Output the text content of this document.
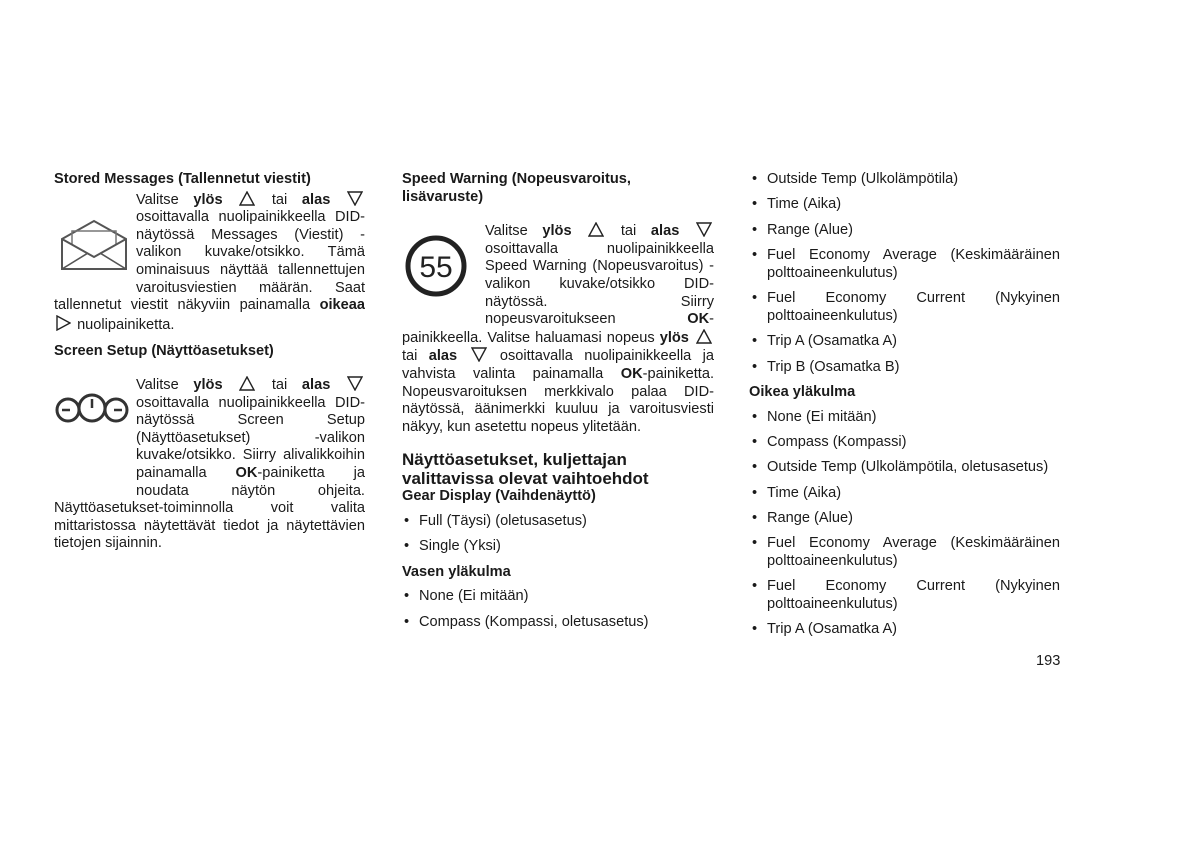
Stored Messages (Tallennetut viestit)

Valitse ylös	tai alas  osoittavalla nuolipainikkeella DID-näytössä Messages (Viestit) -valikon kuvake/otsikko. Tämä ominaisuus näyttää tallennettujen varoitusviestien määrän. Saat tallennetut viestit näkyviin painamalla oikeaa  nuolipainiketta.

Screen Setup (Näyttöasetukset)

Valitse ylös	tai alas  osoittavalla nuolipainikkeella DID-näytössä Screen Setup (Näyttöasetukset) -valikon kuvake/otsikko. Siirry alivalikkoihin painamalla OK-painiketta ja noudata näytön ohjeita. Näyttöasetukset-toiminnolla voit valita mittaristossa näytettävät tiedot ja näytettävien tietojen sijainnin.

Speed Warning (Nopeusvaroitus, lisävaruste)

55
Valitse ylös	tai alas  osoittavalla nuolipainikkeella Speed Warning (Nopeusvaroitus) -valikon kuvake/otsikko DID-näytössä. Siirry nopeusvaroitukseen	OK-painikkeella. Valitse haluamasi nopeus ylös  tai alas	osoittavalla nuolipainikkeella ja vahvista valinta painamalla OK-painiketta. Nopeusvaroituksen merkkivalo palaa DID-näytössä, äänimerkki kuuluu ja varoitusviesti näkyy, kun asetettu nopeus ylitetään.

Näyttöasetukset, kuljettajan valittavissa olevat vaihtoehdot
Gear Display (Vaihdenäyttö)
• Full (Täysi) (oletusasetus)
• Single (Yksi)
Vasen yläkulma
• None (Ei mitään)
• Compass (Kompassi, oletusasetus)
• Outside Temp (Ulkolämpötila)
• Time (Aika)
• Range (Alue)
• Fuel Economy Average (Keskimääräinen polttoaineenkulutus)
• Fuel Economy Current (Nykyinen polttoaineenkulutus)
• Trip A (Osamatka A)
• Trip B (Osamatka B)
Oikea yläkulma
• None (Ei mitään)
• Compass (Kompassi)
• Outside Temp (Ulkolämpötila, oletusasetus)
• Time (Aika)
• Range (Alue)
• Fuel Economy Average (Keskimääräinen polttoaineenkulutus)
• Fuel Economy Current (Nykyinen polttoaineenkulutus)
• Trip A (Osamatka A)
193
